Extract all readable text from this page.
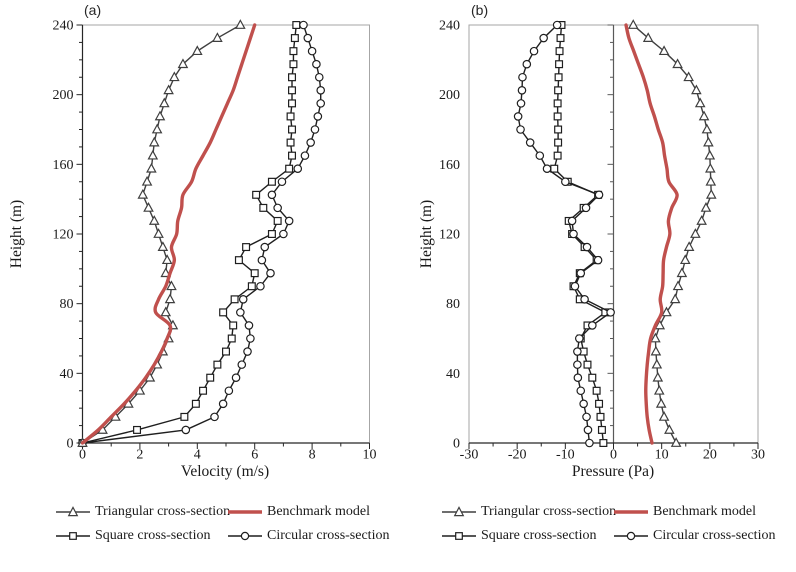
0
40
80
120
160
200
240
0	2	4	6	8	10
0
40
80
120
160
200
240
-30 -20 -10	0	10 20 30
(a)	(b)
Height (m)	Height (m)
Velocity (m/s)	Pressure (Pa)
Triangular cross-section	Benchmark model
Square cross-section	Circular cross-section
Triangular cross-section	Benchmark model
Square cross-section	Circular cross-section
